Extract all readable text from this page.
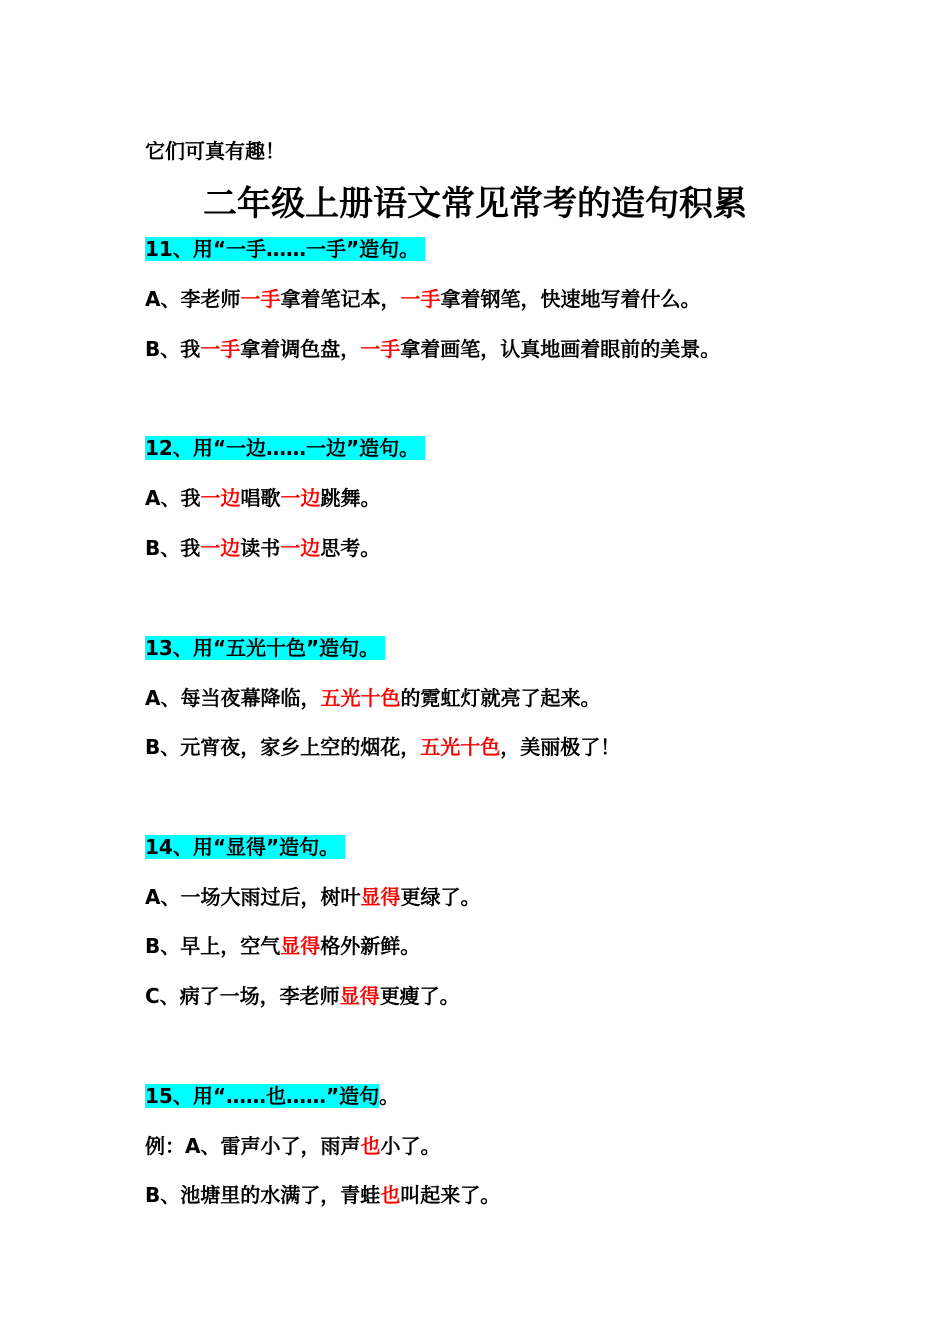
它们可真有趣！
二年级上册语文常见常考的造句积累
11、用“一手……一手”造句。
A、李老师一手拿着笔记本，一手拿着钢笔，快速地写着什么。
B、我一手拿着调色盘，一手拿着画笔，认真地画着眼前的美景。
12、用“一边……一边”造句。
A、我一边唱歌一边跳舞。
B、我一边读书一边思考。
13、用“五光十色”造句。
A、每当夜幕降临，五光十色的霓虹灯就亮了起来。
B、元宵夜，家乡上空的烟花，五光十色，美丽极了！
14、用“显得”造句。
A、一场大雨过后，树叶显得更绿了。
B、早上，空气显得格外新鲜。
C、病了一场，李老师显得更瘦了。
15、用“……也……”造句。
例：A、雷声小了，雨声也小了。
B、池塘里的水满了，青蛙也叫起来了。
